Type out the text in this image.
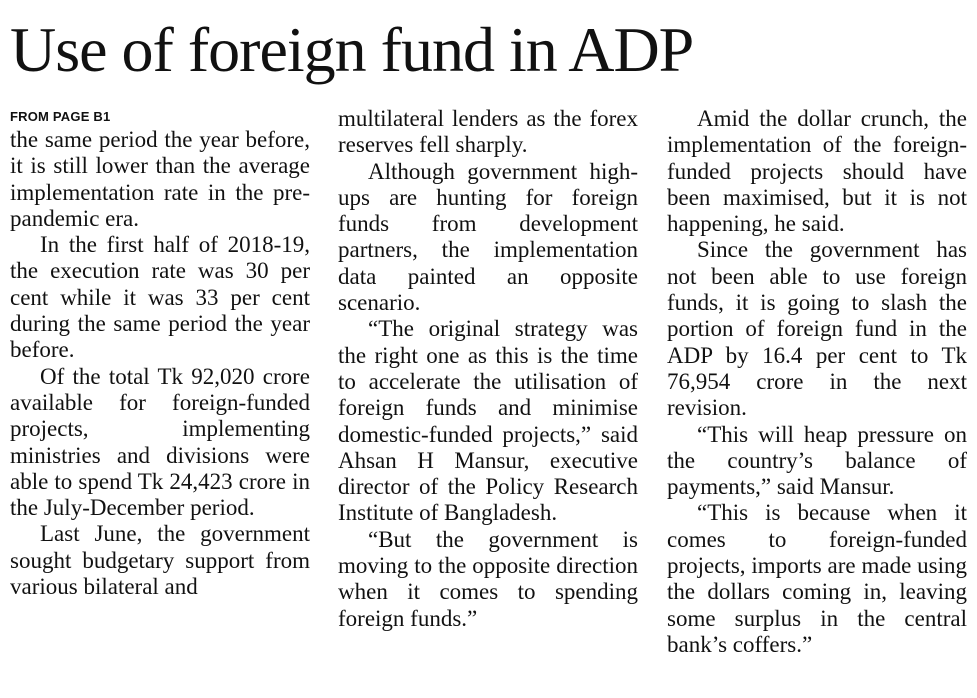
Use of foreign fund in ADP
FROM PAGE B1

the same period the year before, it is still lower than the average implementation rate in the pre-pandemic era.

In the first half of 2018-19, the execution rate was 30 per cent while it was 33 per cent during the same period the year before.

Of the total Tk 92,020 crore available for foreign-funded projects, implementing ministries and divisions were able to spend Tk 24,423 crore in the July-December period.

Last June, the government sought budgetary support from various bilateral and

multilateral lenders as the forex reserves fell sharply.

Although government high-ups are hunting for foreign funds from development partners, the implementation data painted an opposite scenario.

“The original strategy was the right one as this is the time to accelerate the utilisation of foreign funds and minimise domestic-funded projects,” said Ahsan H Mansur, executive director of the Policy Research Institute of Bangladesh.

“But the government is moving to the opposite direction when it comes to spending foreign funds.”

Amid the dollar crunch, the implementation of the foreign-funded projects should have been maximised, but it is not happening, he said.

Since the government has not been able to use foreign funds, it is going to slash the portion of foreign fund in the ADP by 16.4 per cent to Tk 76,954 crore in the next revision.

“This will heap pressure on the country’s balance of payments,” said Mansur.

“This is because when it comes to foreign-funded projects, imports are made using the dollars coming in, leaving some surplus in the central bank’s coffers.”
